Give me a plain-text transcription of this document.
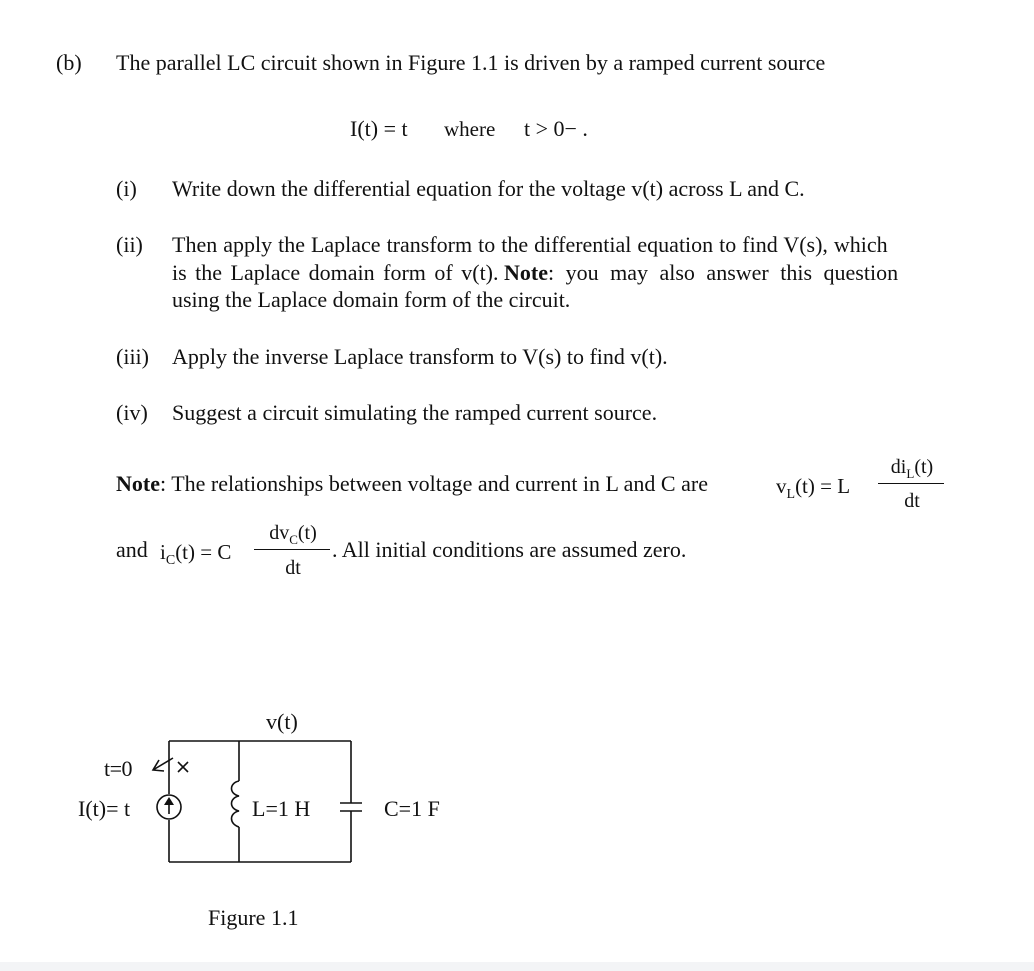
(b) The parallel LC circuit shown in Figure 1.1 is driven by a ramped current source
I(t) = t where t > 0− .
(i) Write down the differential equation for the voltage v(t) across L and C.
(ii) Then apply the Laplace transform to the differential equation to find V(s), which
is the Laplace domain form of v(t). Note: you may also answer this question
using the Laplace domain form of the circuit.
(iii) Apply the inverse Laplace transform to V(s) to find v(t).
(iv) Suggest a circuit simulating the ramped current source.
Note: The relationships between voltage and current in L and C are	$v_L(t) = L$
$di_L(t)$
dt
and $i_C(t) = C$
$dv_C(t)$
dt
. All initial conditions are assumed zero.
v(t)
t=0
I(t)= t	L=1 H	C=1 F
Figure 1.1
